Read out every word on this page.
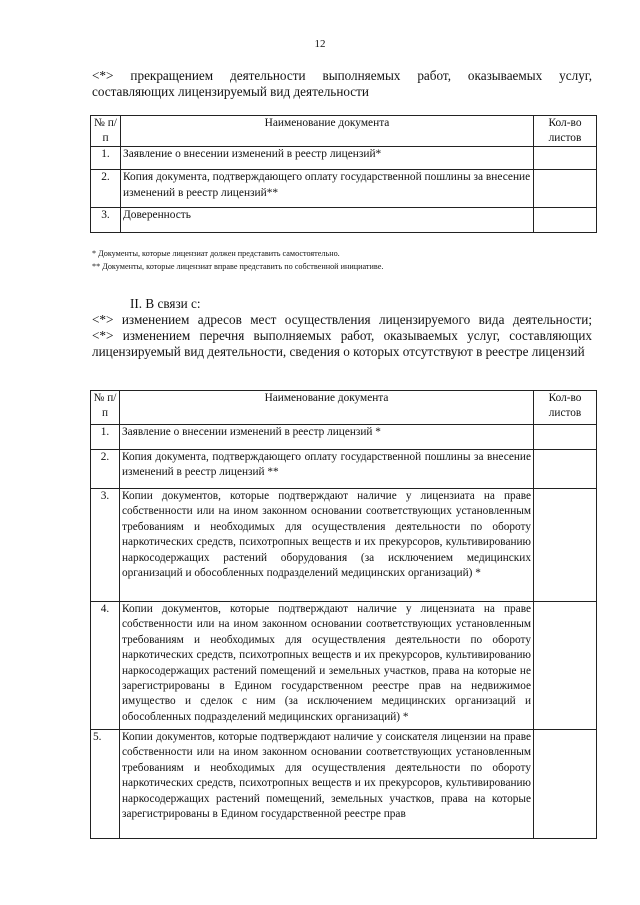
12

<*> прекращением деятельности выполняемых работ, оказываемых услуг,

составляющих лицензируемый вид деятельности

№ п/п	Наименование документа	Кол-во листов
1.	Заявление о внесении изменений в реестр лицензий*	
2.	Копия документа, подтверждающего оплату государственной пошлины за внесение изменений в реестр лицензий**	
3.	Доверенность	
* Документы, которые лицензиат должен представить самостоятельно.
** Документы, которые лицензиат вправе представить по собственной инициативе.
II. В связи с:

<*> изменением адресов мест осуществления лицензируемого вида деятельности;

<*> изменением перечня выполняемых работ, оказываемых услуг, составляющих лицензируемый вид деятельности, сведения о которых отсутствуют в реестре лицензий

№ п/п	Наименование документа	Кол-во листов
1.	Заявление о внесении изменений в реестр лицензий *	
2.	Копия документа, подтверждающего оплату государственной пошлины за внесение изменений в реестр лицензий **	
3.	Копии документов, которые подтверждают наличие у лицензиата на праве собственности или на ином законном основании соответствующих установленным требованиям и необходимых для осуществления деятельности по обороту наркотических средств, психотропных веществ и их прекурсоров, культивированию наркосодержащих растений оборудования (за исключением медицинских организаций и обособленных подразделений медицинских организаций) *	
4.	Копии документов, которые подтверждают наличие у лицензиата на праве собственности или на ином законном основании соответствующих установленным требованиям и необходимых для осуществления деятельности по обороту наркотических средств, психотропных веществ и их прекурсоров, культивированию наркосодержащих растений помещений и земельных участков, права на которые не зарегистрированы в Едином государственном реестре прав на недвижимое имущество и сделок с ним (за исключением медицинских организаций и обособленных подразделений медицинских организаций) *	
5.	Копии документов, которые подтверждают наличие у соискателя лицензии на праве собственности или на ином законном основании соответствующих установленным требованиям и необходимых для осуществления деятельности по обороту наркотических средств, психотропных веществ и их прекурсоров, культивированию наркосодержащих растений помещений, земельных участков, права на которые зарегистрированы в Едином государственной реестре прав	
